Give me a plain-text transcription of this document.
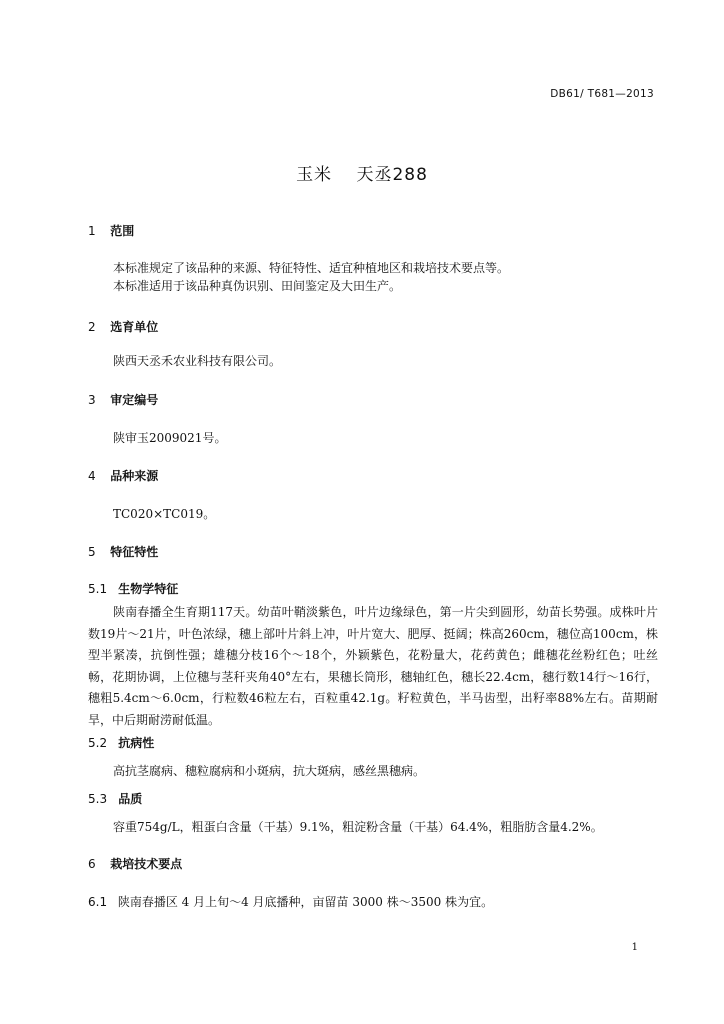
DB61/ T681—2013
玉米　 天丞288
1 范围
本标准规定了该品种的来源、特征特性、适宜种植地区和栽培技术要点等。
本标准适用于该品种真伪识别、田间鉴定及大田生产。
2 选育单位
陕西天丞禾农业科技有限公司。
3 审定编号
陕审玉2009021号。
4 品种来源
TC020×TC019。
5 特征特性
5.1 生物学特征
陕南春播全生育期117天。幼苗叶鞘淡紫色，叶片边缘绿色，第一片尖到圆形，幼苗长势强。成株叶片数19片～21片，叶色浓绿，穗上部叶片斜上冲，叶片宽大、肥厚、挺阔；株高260cm，穗位高100cm，株型半紧凑，抗倒性强；雄穗分枝16个～18个，外颖紫色，花粉量大，花药黄色；雌穗花丝粉红色；吐丝畅，花期协调，上位穗与茎秆夹角40°左右，果穗长筒形，穗轴红色，穗长22.4cm，穗行数14行～16行，穗粗5.4cm～6.0cm，行粒数46粒左右，百粒重42.1g。籽粒黄色，半马齿型，出籽率88%左右。苗期耐旱，中后期耐涝耐低温。
5.2 抗病性
高抗茎腐病、穗粒腐病和小斑病，抗大斑病，感丝黑穗病。
5.3 品质
容重754g/L，粗蛋白含量（干基）9.1%，粗淀粉含量（干基）64.4%，粗脂肪含量4.2%。
6 栽培技术要点
6.1 陕南春播区 4 月上旬～4 月底播种，亩留苗 3000 株～3500 株为宜。
1
